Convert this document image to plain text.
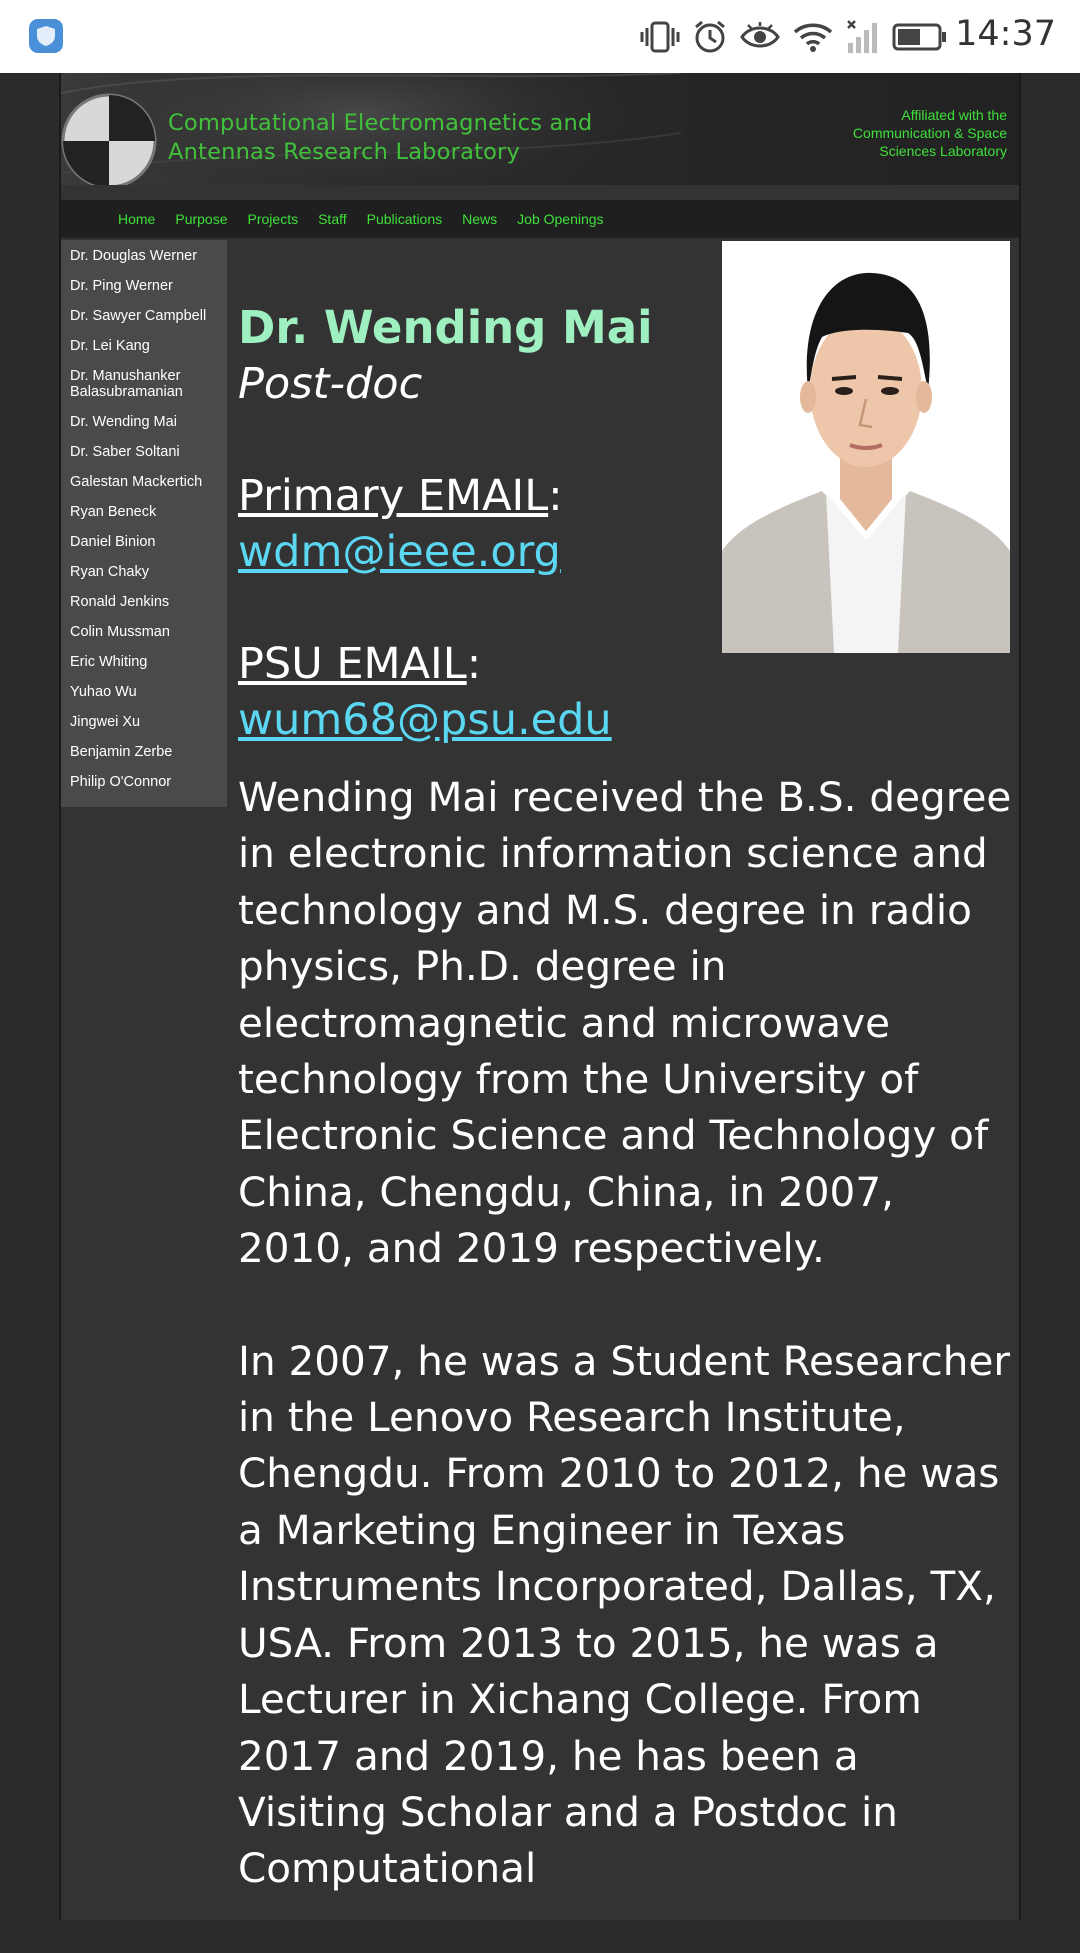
14:37
Computational Electromagnetics and
Antennas Research Laboratory
Affiliated with the
Communication & Space
Sciences Laboratory
Home Purpose Projects Staff Publications News Job Openings
Dr. Douglas Werner
Dr. Ping Werner
Dr. Sawyer Campbell
Dr. Lei Kang
Dr. Manushanker Balasubramanian
Dr. Wending Mai
Dr. Saber Soltani
Galestan Mackertich
Ryan Beneck
Daniel Binion
Ryan Chaky
Ronald Jenkins
Colin Mussman
Eric Whiting
Yuhao Wu
Jingwei Xu
Benjamin Zerbe
Philip O'Connor
Dr. Wending Mai
Post-doc
Primary EMAIL:
wdm@ieee.org
PSU EMAIL:
wum68@psu.edu

Wending Mai received the B.S. degree in electronic information science and technology and M.S. degree in radio physics, Ph.D. degree in electromagnetic and microwave technology from the University of Electronic Science and Technology of China, Chengdu, China, in 2007, 2010, and 2019 respectively.

In 2007, he was a Student Researcher in the Lenovo Research Institute, Chengdu. From 2010 to 2012, he was a Marketing Engineer in Texas Instruments Incorporated, Dallas, TX, USA. From 2013 to 2015, he was a Lecturer in Xichang College. From 2017 and 2019, he has been a Visiting Scholar and a Postdoc in Computational
